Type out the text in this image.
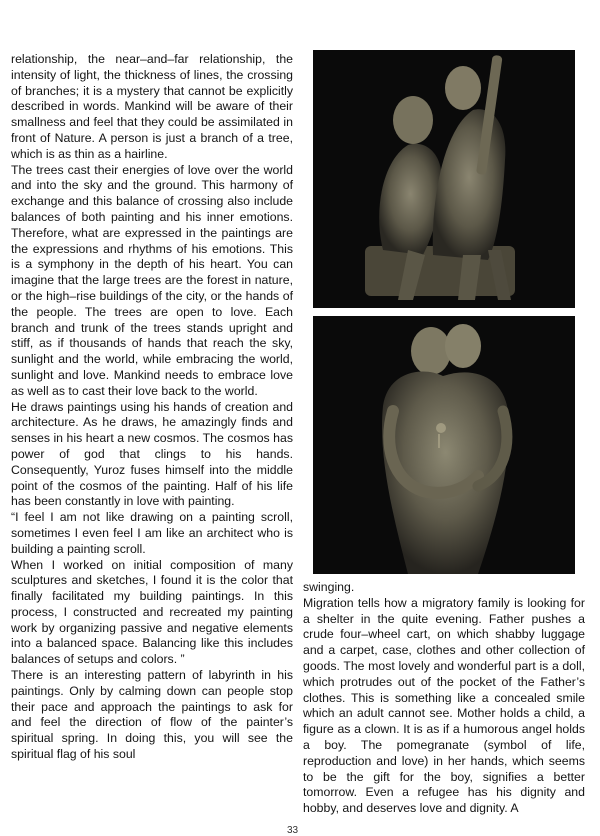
relationship, the near–and–far relationship, the intensity of light, the thickness of lines, the crossing of branches; it is a mystery that cannot be explicitly described in words. Mankind will be aware of their smallness and feel that they could be assimilated in front of Nature. A person is just a branch of a tree, which is as thin as a hairline.

The trees cast their energies of love over the world and into the sky and the ground. This harmony of exchange and this balance of crossing also include balances of both painting and his inner emotions. Therefore, what are expressed in the paintings are the expressions and rhythms of his emotions. This is a symphony in the depth of his heart. You can imagine that the large trees are the forest in nature, or the high–rise buildings of the city, or the hands of the people. The trees are open to love. Each branch and trunk of the trees stands upright and stiff, as if thousands of hands that reach the sky, sunlight and the world, while embracing the world, sunlight and love. Mankind needs to embrace love as well as to cast their love back to the world.

He draws paintings using his hands of creation and architecture. As he draws, he amazingly finds and senses in his heart a new cosmos. The cosmos has power of god that clings to his hands. Consequently, Yuroz fuses himself into the middle point of the cosmos of the painting. Half of his life has been constantly in love with painting.

“I feel I am not like drawing on a painting scroll, sometimes I even feel I am like an architect who is building a painting scroll.

When I worked on initial composition of many sculptures and sketches, I found it is the color that finally facilitated my building paintings. In this process, I constructed and recreated my painting work by organizing passive and negative elements into a balanced space. Balancing like this includes balances of setups and colors. ”

There is an interesting pattern of labyrinth in his paintings. Only by calming down can people stop their pace and approach the paintings to ask for and feel the direction of flow of the painter’s spiritual spring. In doing this, you will see the spiritual flag of his soul

swinging.

Migration tells how a migratory family is looking for a shelter in the quite evening. Father pushes a crude four–wheel cart, on which shabby luggage and a carpet, case, clothes and other collection of goods. The most lovely and wonderful part is a doll, which protrudes out of the pocket of the Father’s clothes. This is something like a concealed smile which an adult cannot see. Mother holds a child, a figure as a clown. It is as if a humorous angel holds a boy. The pomegranate (symbol of life, reproduction and love) in her hands, which seems to be the gift for the boy, signifies a better tomorrow. Even a refugee has his dignity and hobby, and deserves love and dignity. A

33
